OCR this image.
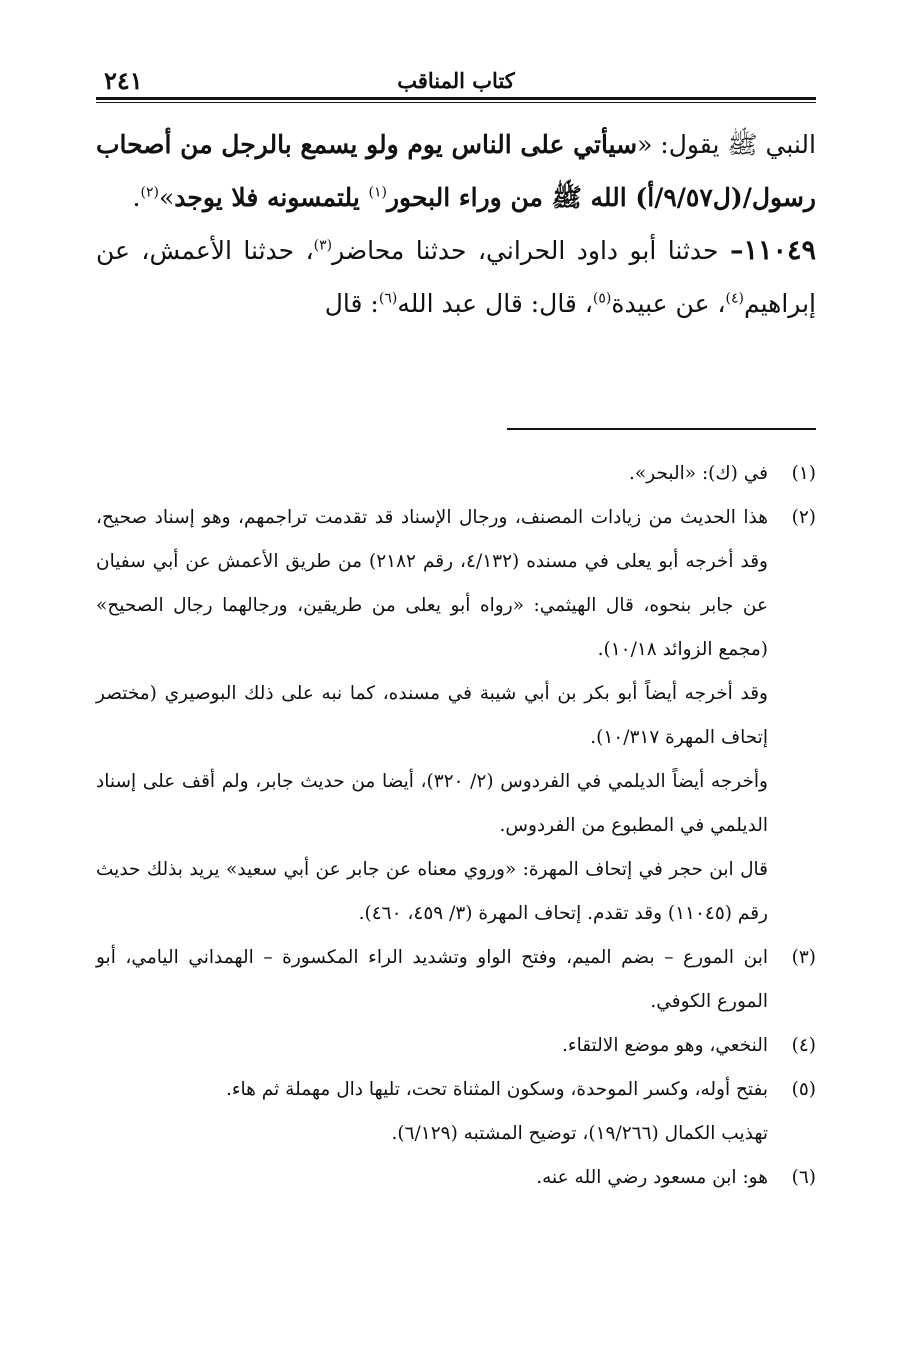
٢٤١	كتاب المناقب

النبي ﷺ يقول: «سيأتي على الناس يوم ولو يسمع بالرجل من أصحاب رسول/(ل٩/٥٧/أ) الله ﷺ من وراء البحور$^{(١)}$ يلتمسونه فلا يوجد»$^{(٢)}$.

١١٠٤٩– حدثنا أبو داود الحراني، حدثنا محاضر$^{(٣)}$، حدثنا الأعمش، عن إبراهيم$^{(٤)}$، عن عبيدة$^{(٥)}$، قال: قال عبد الله$^{(٦)}$: قال

(١)في (ك): «البحر».

(٢)هذا الحديث من زيادات المصنف، ورجال الإسناد قد تقدمت تراجمهم، وهو إسناد صحيح، وقد أخرجه أبو يعلى في مسنده (٤/١٣٢، رقم ٢١٨٢) من طريق الأعمش عن أبي سفيان عن جابر بنحوه، قال الهيثمي: «رواه أبو يعلى من طريقين، ورجالهما رجال الصحيح» (مجمع الزوائد ١٠/١٨).

وقد أخرجه أيضاً أبو بكر بن أبي شيبة في مسنده، كما نبه على ذلك البوصيري (مختصر إتحاف المهرة ١٠/٣١٧).

وأخرجه أيضاً الديلمي في الفردوس (٢/ ٣٢٠)، أيضا من حديث جابر، ولم أقف على إسناد الديلمي في المطبوع من الفردوس.

قال ابن حجر في إتحاف المهرة: «وروي معناه عن جابر عن أبي سعيد» يريد بذلك حديث رقم (١١٠٤٥) وقد تقدم. إتحاف المهرة (٣/ ٤٥٩، ٤٦٠).

(٣)ابن المورع – بضم الميم، وفتح الواو وتشديد الراء المكسورة – الهمداني اليامي، أبو المورع الكوفي.

(٤)النخعي، وهو موضع الالتقاء.

(٥)بفتح أوله، وكسر الموحدة، وسكون المثناة تحت، تليها دال مهملة ثم هاء.

تهذيب الكمال (١٩/٢٦٦)، توضيح المشتبه (٦/١٢٩).

(٦)هو: ابن مسعود رضي الله عنه.
